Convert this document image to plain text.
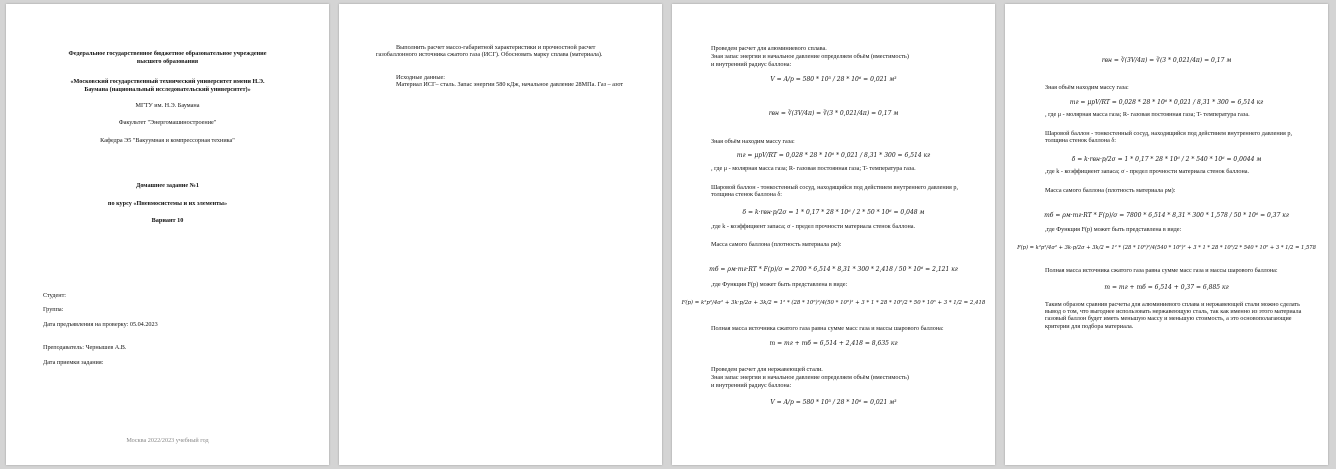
Федеральное государственное бюджетное образовательное учреждение
высшего образования
«Московский государственный технический университет имени Н.Э.
Баумана (национальный исследовательский университет)»
МГТУ им. Н.Э. Баумана
Факультет "Энергомашиностроение"
Кафедра Э5 "Вакуумная и компрессорная техника"
Домашнее задание №1
по курсу «Пневмосистемы и их элементы»
Вариант 10
Студент:
Группа:
Дата предъявления на проверку: 05.04.2023
Преподаватель: Чернышев А.В.
Дата приемки задания:
Москва 2022/2023 учебный год
Выполнить расчет массо-габаритной характеристики и прочностной расчет газобаллонного источника сжатого газа (ИСГ). Обосновать марку сплава (материала).
Исходные данные:
Материал ИСГ– сталь. Запас энергии 580 кДж, начальное давление 28МПа. Газ – азот
Проведем расчет для алюминиевого сплава.
Зная запас энергии и начальное давление определяем объём (вместимость)
и внутренний радиус баллона:
V = A/p = 580 * 10³ / 28 * 10⁶ = 0,021 м³
rвн = ∛(3V/4π) = ∛(3 * 0,021/4π) = 0,17 м
Зная объём находим массу газа:
mг = μpV/RT = 0,028 * 28 * 10⁶ * 0,021 / 8,31 * 300 = 6,514 кг
, где μ - молярная масса газа; R- газовая постоянная газа; T- температура газа.
Шаровой баллон - тонкостенный сосуд, находящийся под действием внутреннего давления p, толщина стенок баллона δ:
δ = k·rвн·p/2σ = 1 * 0,17 * 28 * 10⁶ / 2 * 50 * 10⁶ = 0,048 м
,где k - коэффициент запаса; σ - предел прочности материала стенок баллона.
Масса самого баллона (плотность материала ρм):
mб = ρм·mг·RT * F(p)/σ = 2700 * 6,514 * 8,31 * 300 * 2,418 / 50 * 10⁶ = 2,121 кг
,где Функция F(p) может быть представлена в виде:
F(p) = k²p²/4σ² + 3k·p/2σ + 3k/2 = 1² * (28 * 10⁶)²/4(50 * 10⁶)² + 3 * 1 * 28 * 10⁶/2 * 50 * 10⁶ + 3 * 1/2 = 2,418
Полная масса источника сжатого газа равна сумме масс газа и массы шарового баллона:
m = mг + mб = 6,514 + 2,418 = 8,635 кг
Проведем расчет для нержавеющей стали.
Зная запас энергии и начальное давление определяем объём (вместимость)
и внутренний радиус баллона:
V = A/p = 580 * 10³ / 28 * 10⁶ = 0,021 м³
rвн = ∛(3V/4π) = ∛(3 * 0,021/4π) = 0,17 м
Зная объём находим массу газа:
mг = μpV/RT = 0,028 * 28 * 10⁶ * 0,021 / 8,31 * 300 = 6,514 кг
, где μ - молярная масса газа; R- газовая постоянная газа; T- температура газа.
Шаровой баллон - тонкостенный сосуд, находящийся под действием внутреннего давления p, толщина стенок баллона δ:
δ = k·rвн·p/2σ = 1 * 0,17 * 28 * 10⁶ / 2 * 540 * 10⁶ = 0,0044 м
,где k - коэффициент запаса; σ - предел прочности материала стенок баллона.
Масса самого баллона (плотность материала ρм):
mб = ρм·mг·RT * F(p)/σ = 7800 * 6,514 * 8,31 * 300 * 1,578 / 50 * 10⁶ = 0,37 кг
,где Функция F(p) может быть представлена в виде:
F(p) = k²p²/4σ² + 3k·p/2σ + 3k/2 = 1² * (28 * 10⁶)²/4(540 * 10⁶)² + 3 * 1 * 28 * 10⁶/2 * 540 * 10⁶ + 3 * 1/2 = 1,578
Полная масса источника сжатого газа равна сумме масс газа и массы шарового баллона:
m = mг + mб = 6,514 + 0,37 = 6,885 кг
Таким образом сравнив расчеты для алюминиевого сплава и нержавеющей стали можно сделать вывод о том, что выгоднее использовать нержавеющую сталь, так как именно из этого материала газовый баллон будет иметь меньшую массу и меньшую стоимость, а это основополагающие критерии для подбора материала.
